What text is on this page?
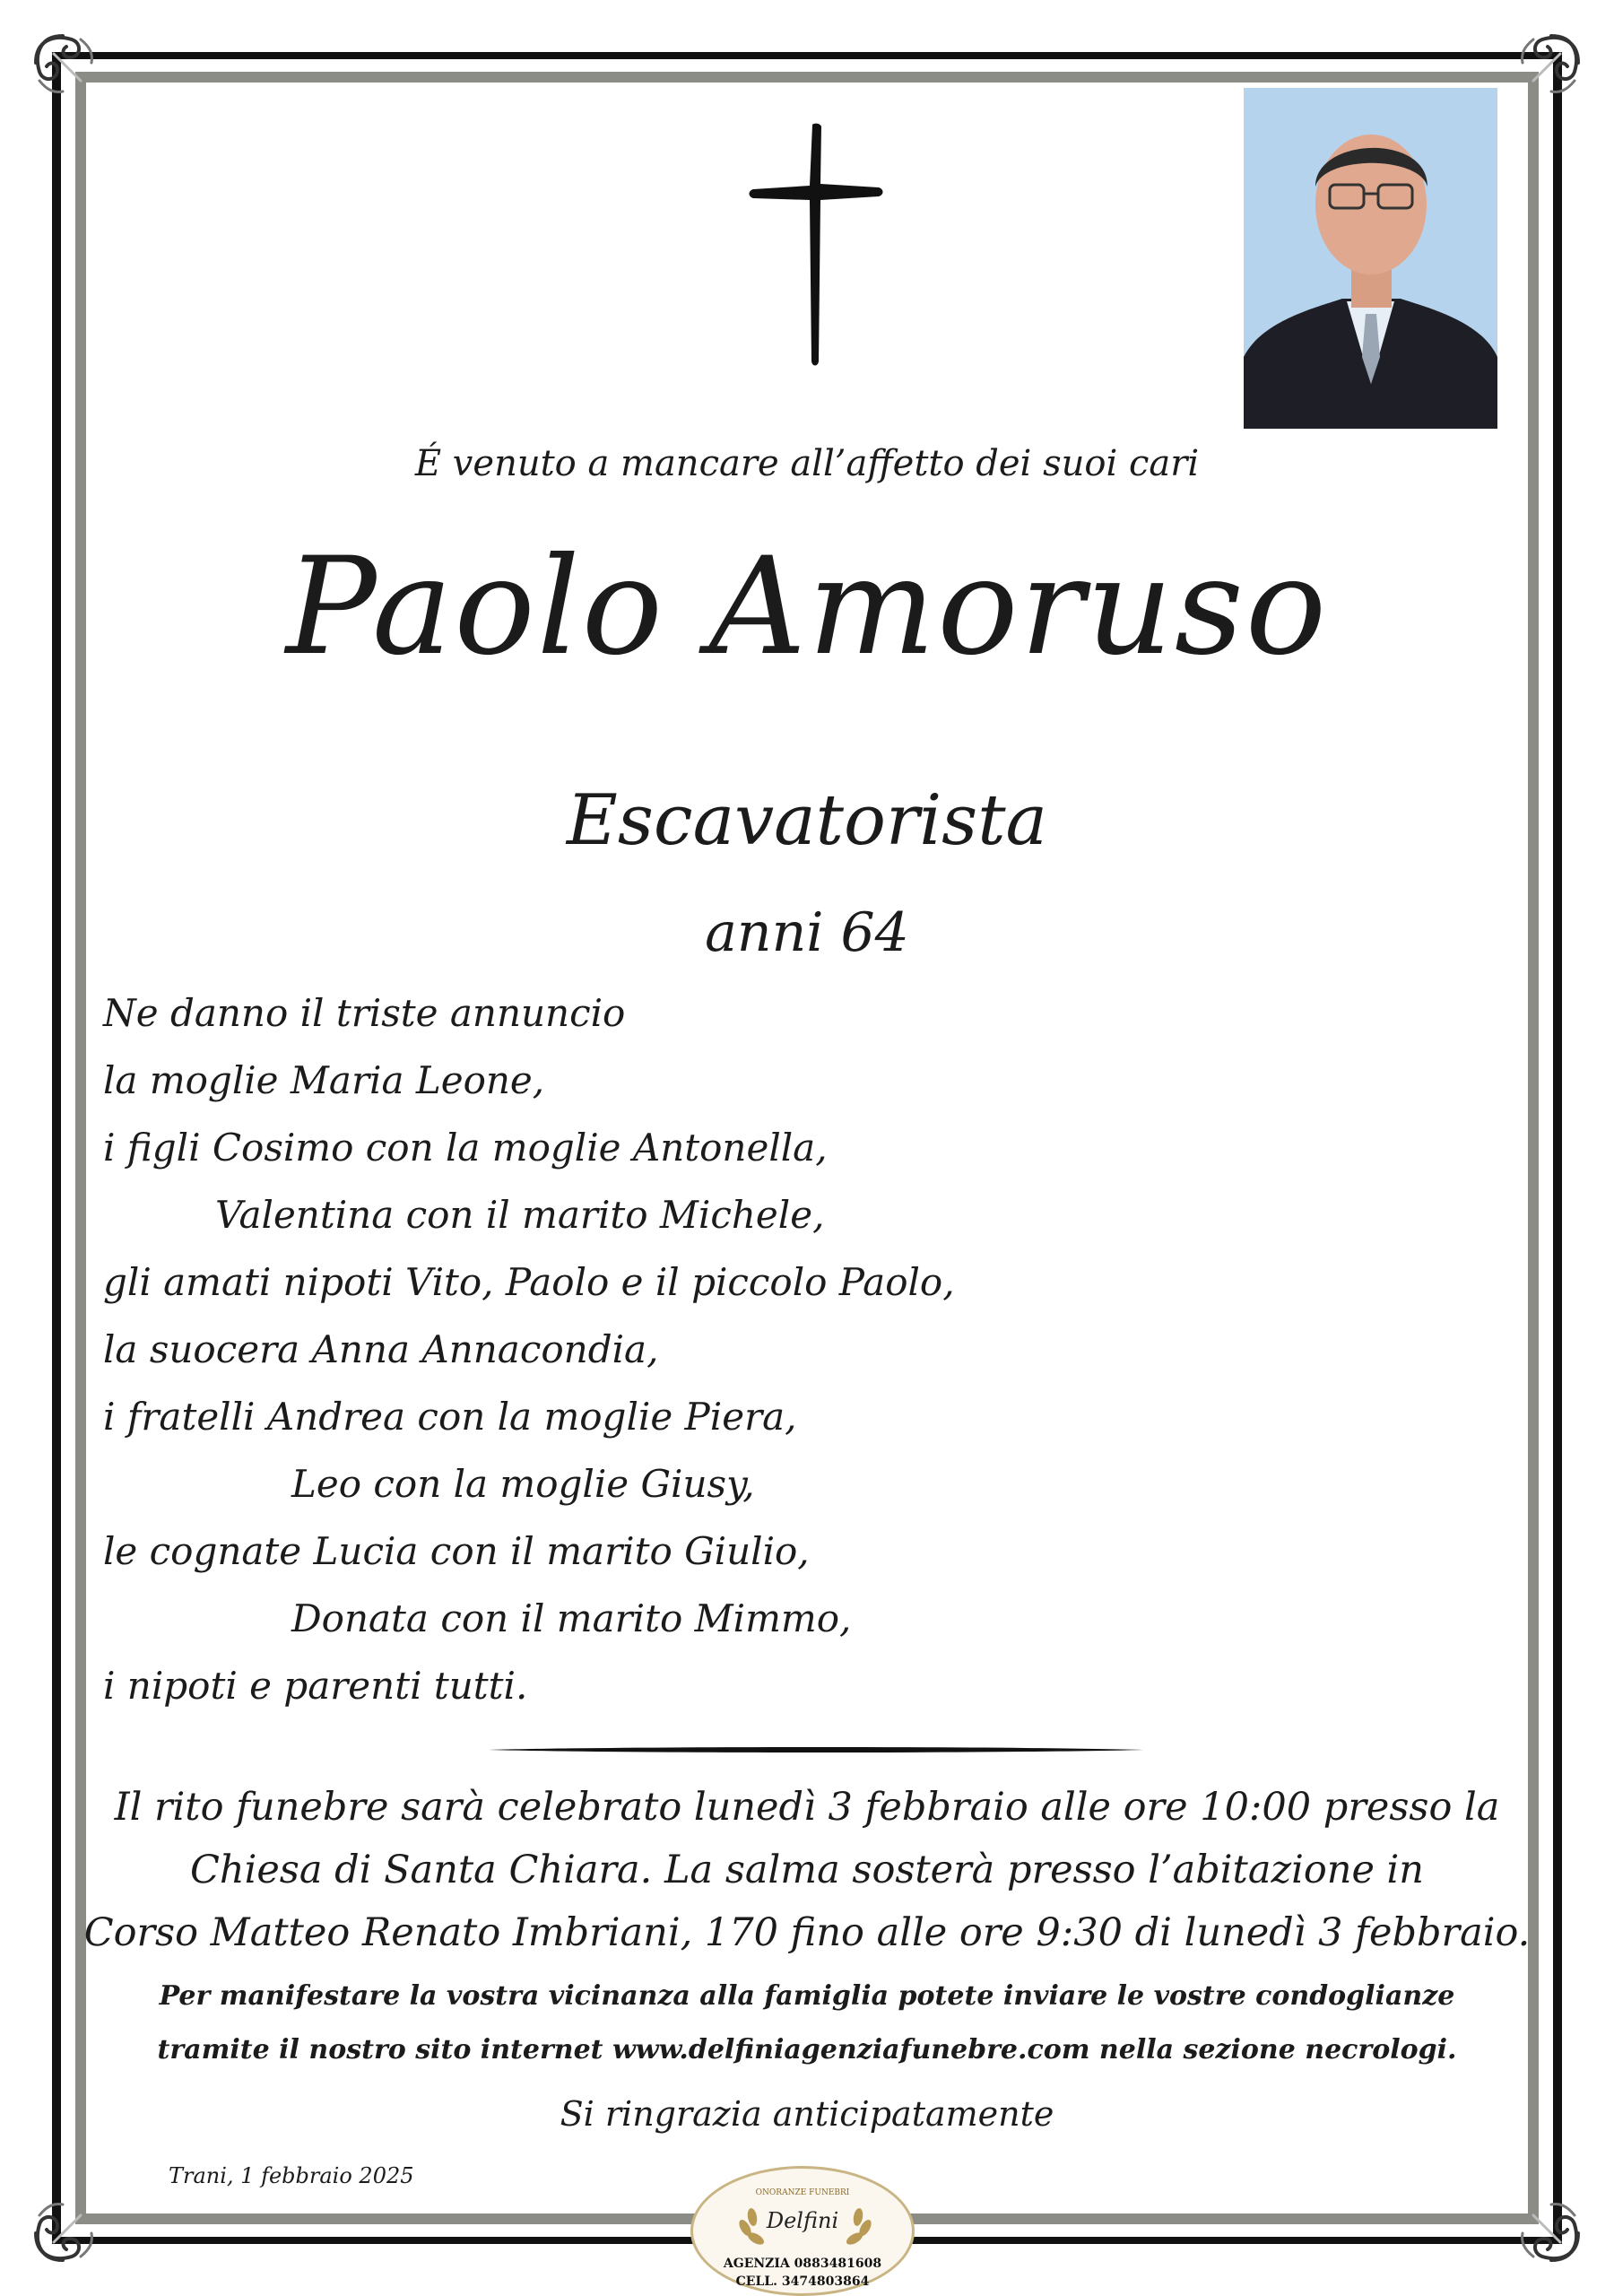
É venuto a mancare all’affetto dei suoi cari
Paolo Amoruso
Escavatorista
anni 64
Ne danno il triste annuncio
la moglie Maria Leone,
i figli Cosimo con la moglie Antonella,
Valentina con il marito Michele,
gli amati nipoti Vito, Paolo e il piccolo Paolo,
la suocera Anna Annacondia,
i fratelli Andrea con la moglie Piera,
Leo con la moglie Giusy,
le cognate Lucia con il marito Giulio,
Donata con il marito Mimmo,
i nipoti e parenti tutti.
Il rito funebre sarà celebrato lunedì 3 febbraio alle ore 10:00 presso la
Chiesa di Santa Chiara. La salma sosterà presso l’abitazione in
Corso Matteo Renato Imbriani, 170 fino alle ore 9:30 di lunedì 3 febbraio.
Per manifestare la vostra vicinanza alla famiglia potete inviare le vostre condoglianze
tramite il nostro sito internet www.delfiniagenziafunebre.com nella sezione necrologi.
Si ringrazia anticipatamente
Trani, 1 febbraio 2025
ONORANZE FUNEBRI
Delfini
AGENZIA 0883481608
CELL. 3474803864
